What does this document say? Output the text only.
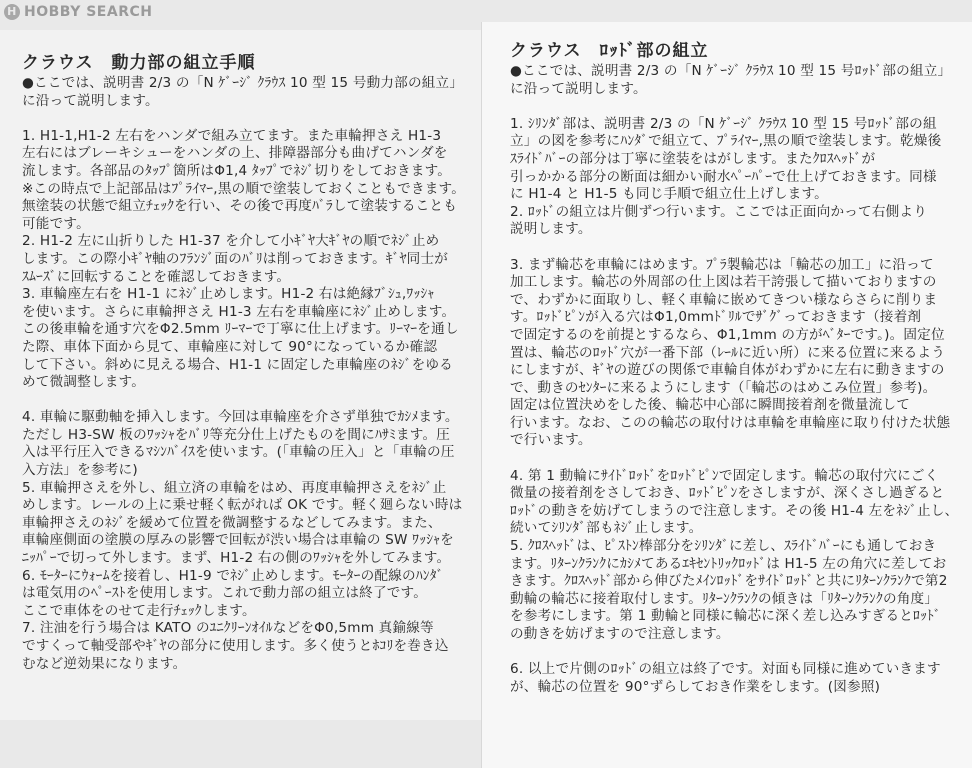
H HOBBY SEARCH
クラウス　動力部の組立手順
●ここでは、説明書 2/3 の「N ｹﾞｰｼﾞ ｸﾗｳｽ 10 型 15 号動力部の組立」
に沿って説明します。
1. H1-1,H1-2 左右をハンダで組み立てます。また車輪押さえ H1-3
左右にはブレーキシューをハンダの上、排障器部分も曲げてハンダを
流します。各部品のﾀｯﾌﾟ箇所はΦ1,4 ﾀｯﾌﾟでﾈｼﾞ切りをしておきます。
※この時点で上記部品はﾌﾟﾗｲﾏｰ,黒の順で塗装しておくこともできます。
無塗装の状態で組立ﾁｪｯｸを行い、その後で再度ﾊﾞﾗして塗装することも
可能です。
2. H1-2 左に山折りした H1-37 を介して小ｷﾞﾔ大ｷﾞﾔの順でﾈｼﾞ止め
します。この際小ｷﾞﾔ軸のﾌﾗﾝｼﾞ面のﾊﾞﾘは削っておきます。ｷﾞﾔ同士が
ｽﾑｰｽﾞに回転することを確認しておきます。
3. 車輪座左右を H1-1 にﾈｼﾞ止めします。H1-2 右は絶縁ﾌﾞｼｭ,ﾜｯｼｬ
を使います。さらに車輪押さえ H1-3 左右を車輪座にﾈｼﾞ止めします。
この後車輪を通す穴をΦ2.5mm ﾘｰﾏｰで丁寧に仕上げます。ﾘｰﾏｰを通し
た際、車体下面から見て、車輪座に対して 90°になっているか確認
して下さい。斜めに見える場合、H1-1 に固定した車輪座のﾈｼﾞをゆる
めて微調整します。
4. 車輪に駆動軸を挿入します。今回は車輪座を介さず単独でｶｼﾒます。
ただし H3-SW 板のﾜｯｼｬをﾊﾞﾘ等充分仕上げたものを間にﾊｻﾐます。圧
入は平行圧入できるﾏｼﾝﾊﾞｲｽを使います。(「車輪の圧入」と「車輪の圧
入方法」を参考に)
5. 車輪押さえを外し、組立済の車輪をはめ、再度車輪押さえをﾈｼﾞ止
めします。レールの上に乗せ軽く転がれば OK です。軽く廻らない時は
車輪押さえのﾈｼﾞを緩めて位置を微調整するなどしてみます。また、
車輪座側面の塗膜の厚みの影響で回転が渋い場合は車輪の SW ﾜｯｼｬを
ﾆｯﾊﾟｰで切って外します。まず、H1-2 右の側のﾜｯｼｬを外してみます。
6. ﾓｰﾀｰにｳｫｰﾑを接着し、H1-9 でﾈｼﾞ止めします。ﾓｰﾀｰの配線のﾊﾝﾀﾞ
は電気用のﾍﾟｰｽﾄを使用します。これで動力部の組立は終了です。
ここで車体をのせて走行ﾁｪｯｸします。
7. 注油を行う場合は KATO のﾕﾆｸﾘｰﾝｵｲﾙなどをΦ0,5mm 真鍮線等
ですくって軸受部やｷﾞﾔの部分に使用します。多く使うとﾎｺﾘを巻き込
むなど逆効果になります。
クラウス　ﾛｯﾄﾞ部の組立
●ここでは、説明書 2/3 の「N ｹﾞｰｼﾞ ｸﾗｳｽ 10 型 15 号ﾛｯﾄﾞ部の組立」
に沿って説明します。
1. ｼﾘﾝﾀﾞ部は、説明書 2/3 の「N ｹﾞｰｼﾞ ｸﾗｳｽ 10 型 15 号ﾛｯﾄﾞ部の組
立」の図を参考にﾊﾝﾀﾞで組立て、ﾌﾟﾗｲﾏｰ,黒の順で塗装します。乾燥後
ｽﾗｲﾄﾞﾊﾞｰの部分は丁寧に塗装をはがします。またｸﾛｽﾍｯﾄﾞが
引っかかる部分の断面は細かい耐水ﾍﾟｰﾊﾟｰで仕上げておきます。同様
に H1-4 と H1-5 も同じ手順で組立仕上げします。
2. ﾛｯﾄﾞの組立は片側ずつ行います。ここでは正面向かって右側より
説明します。
3. まず輪芯を車輪にはめます。ﾌﾟﾗ製輪芯は「輪芯の加工」に沿って
加工します。輪芯の外周部の仕上図は若干誇張して描いておりますの
で、わずかに面取りし、軽く車輪に嵌めてきつい様ならさらに削りま
す。ﾛｯﾄﾞﾋﾟﾝが入る穴はΦ1,0mmﾄﾞﾘﾙでｻﾞｸﾞっておきます（接着剤
で固定するのを前提とするなら、Φ1,1mm の方がﾍﾞﾀｰです。)。固定位
置は、輪芯のﾛｯﾄﾞ穴が一番下部（ﾚｰﾙに近い所）に来る位置に来るよう
にしますが、ｷﾞﾔの遊びの関係で車輪自体がわずかに左右に動きますの
で、動きのｾﾝﾀｰに来るようにします（「輪芯のはめこみ位置」参考)。
固定は位置決めをした後、輪芯中心部に瞬間接着剤を微量流して
行います。なお、このの輪芯の取付けは車輪を車輪座に取り付けた状態
で行います。
4. 第 1 動輪にｻｲﾄﾞﾛｯﾄﾞをﾛｯﾄﾞﾋﾟﾝで固定します。輪芯の取付穴にごく
微量の接着剤をさしておき、ﾛｯﾄﾞﾋﾟﾝをさしますが、深くさし過ぎると
ﾛｯﾄﾞの動きを妨げてしまうので注意します。その後 H1-4 左をﾈｼﾞ止し、
続いてｼﾘﾝﾀﾞ部もﾈｼﾞ止します。
5. ｸﾛｽﾍｯﾄﾞは、ﾋﾟｽﾄﾝ棒部分をｼﾘﾝﾀﾞに差し、ｽﾗｲﾄﾞﾊﾞｰにも通しておき
ます。ﾘﾀｰﾝｸﾗﾝｸにｶｼﾒてあるｴｷｾﾝﾄﾘｯｸﾛｯﾄﾞは H1-5 左の角穴に差してお
きます。ｸﾛｽﾍｯﾄﾞ部から伸びたﾒｲﾝﾛｯﾄﾞをｻｲﾄﾞﾛｯﾄﾞと共にﾘﾀｰﾝｸﾗﾝｸで第2
動輪の輪芯に接着取付します。ﾘﾀｰﾝｸﾗﾝｸの傾きは「ﾘﾀｰﾝｸﾗﾝｸの角度」
を参考にします。第 1 動輪と同様に輪芯に深く差し込みすぎるとﾛｯﾄﾞ
の動きを妨げますので注意します。
6. 以上で片側のﾛｯﾄﾞの組立は終了です。対面も同様に進めていきます
が、輪芯の位置を 90°ずらしておき作業をします。(図参照)
